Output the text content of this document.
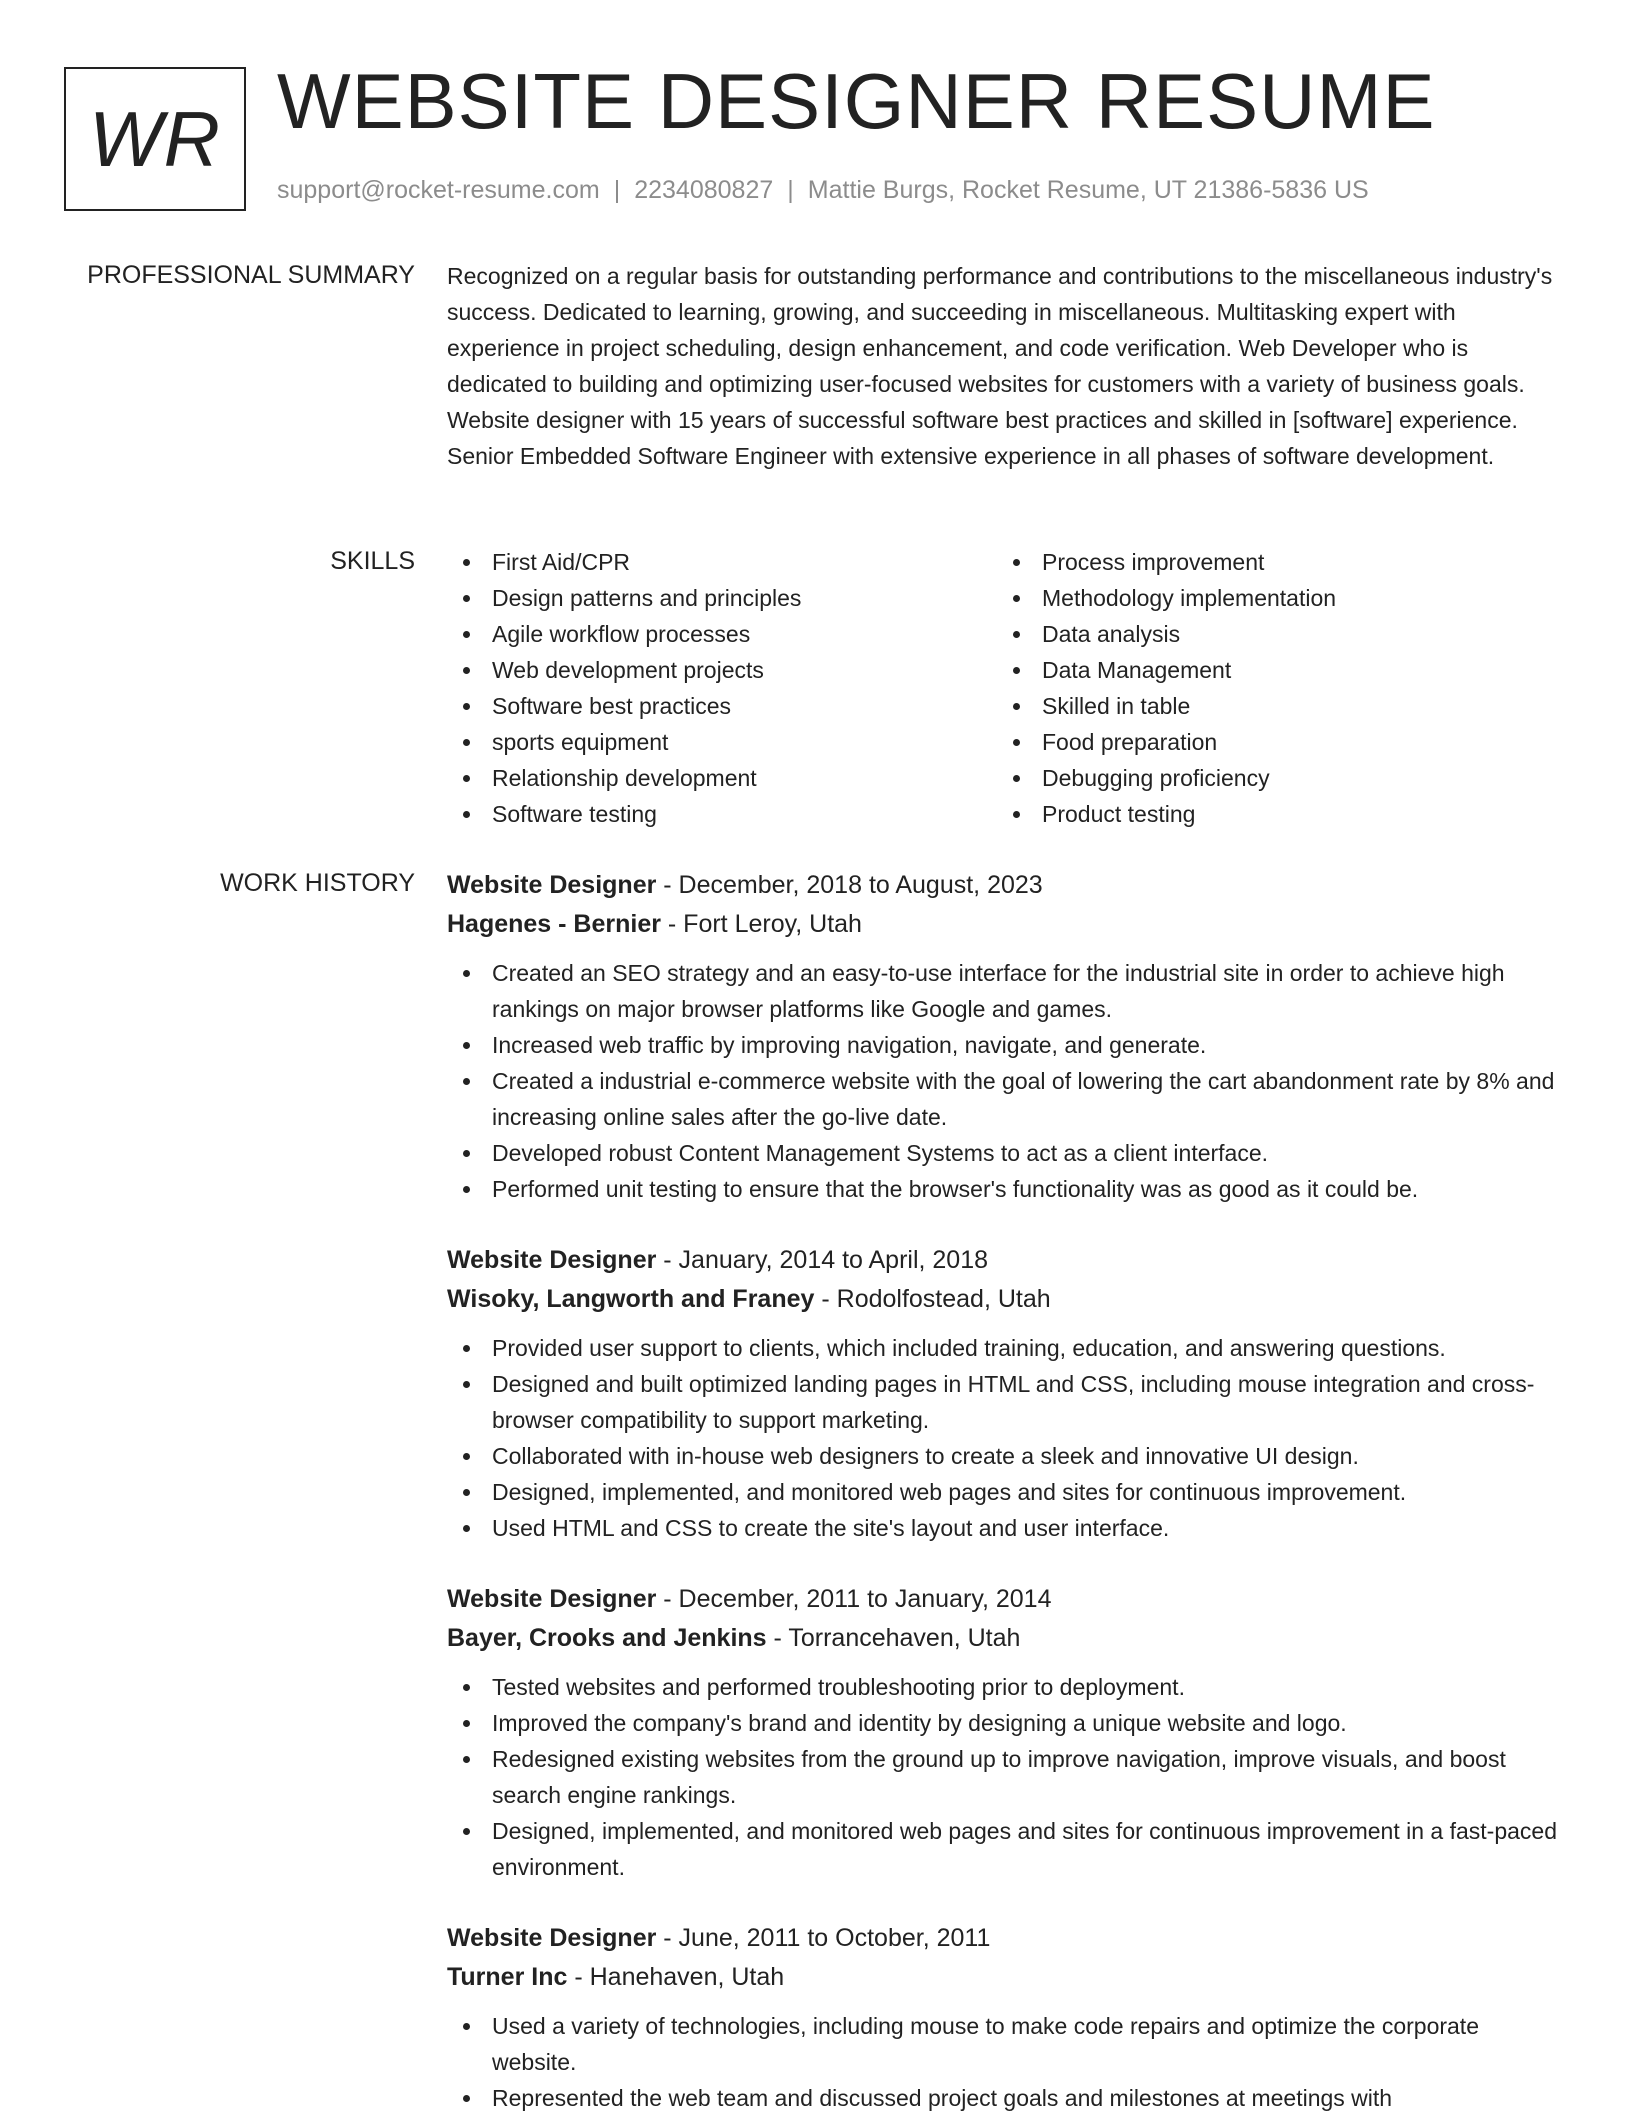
WR WEBSITE DESIGNER RESUME
support@rocket-resume.com | 2234080827 | Mattie Burgs, Rocket Resume, UT 21386-5836 US
PROFESSIONAL SUMMARY Recognized on a regular basis for outstanding performance and contributions to the miscellaneous industry's success. Dedicated to learning, growing, and succeeding in miscellaneous. Multitasking expert with experience in project scheduling, design enhancement, and code verification. Web Developer who is dedicated to building and optimizing user-focused websites for customers with a variety of business goals. Website designer with 15 years of successful software best practices and skilled in [software] experience. Senior Embedded Software Engineer with extensive experience in all phases of software development.

SKILLS	First Aid/CPR
Design patterns and principles
Agile workflow processes
Web development projects
Software best practices
sports equipment
Relationship development
Software testing
Process improvement
Methodology implementation
Data analysis
Data Management
Skilled in table
Food preparation
Debugging proficiency
Product testing
WORK HISTORY Website Designer - December, 2018 to August, 2023
Hagenes - Bernier - Fort Leroy, Utah
Created an SEO strategy and an easy-to-use interface for the industrial site in order to achieve high rankings on major browser platforms like Google and games.
Increased web traffic by improving navigation, navigate, and generate.
Created a industrial e-commerce website with the goal of lowering the cart abandonment rate by 8% and increasing online sales after the go-live date.
Developed robust Content Management Systems to act as a client interface.
Performed unit testing to ensure that the browser's functionality was as good as it could be.
Website Designer - January, 2014 to April, 2018
Wisoky, Langworth and Franey - Rodolfostead, Utah
Provided user support to clients, which included training, education, and answering questions.
Designed and built optimized landing pages in HTML and CSS, including mouse integration and cross-browser compatibility to support marketing.
Collaborated with in-house web designers to create a sleek and innovative UI design.
Designed, implemented, and monitored web pages and sites for continuous improvement.
Used HTML and CSS to create the site's layout and user interface.
Website Designer - December, 2011 to January, 2014
Bayer, Crooks and Jenkins - Torrancehaven, Utah
Tested websites and performed troubleshooting prior to deployment.
Improved the company's brand and identity by designing a unique website and logo.
Redesigned existing websites from the ground up to improve navigation, improve visuals, and boost search engine rankings.
Designed, implemented, and monitored web pages and sites for continuous improvement in a fast-paced environment.
Website Designer - June, 2011 to October, 2011
Turner Inc - Hanehaven, Utah
Used a variety of technologies, including mouse to make code repairs and optimize the corporate website.
Represented the web team and discussed project goals and milestones at meetings with
